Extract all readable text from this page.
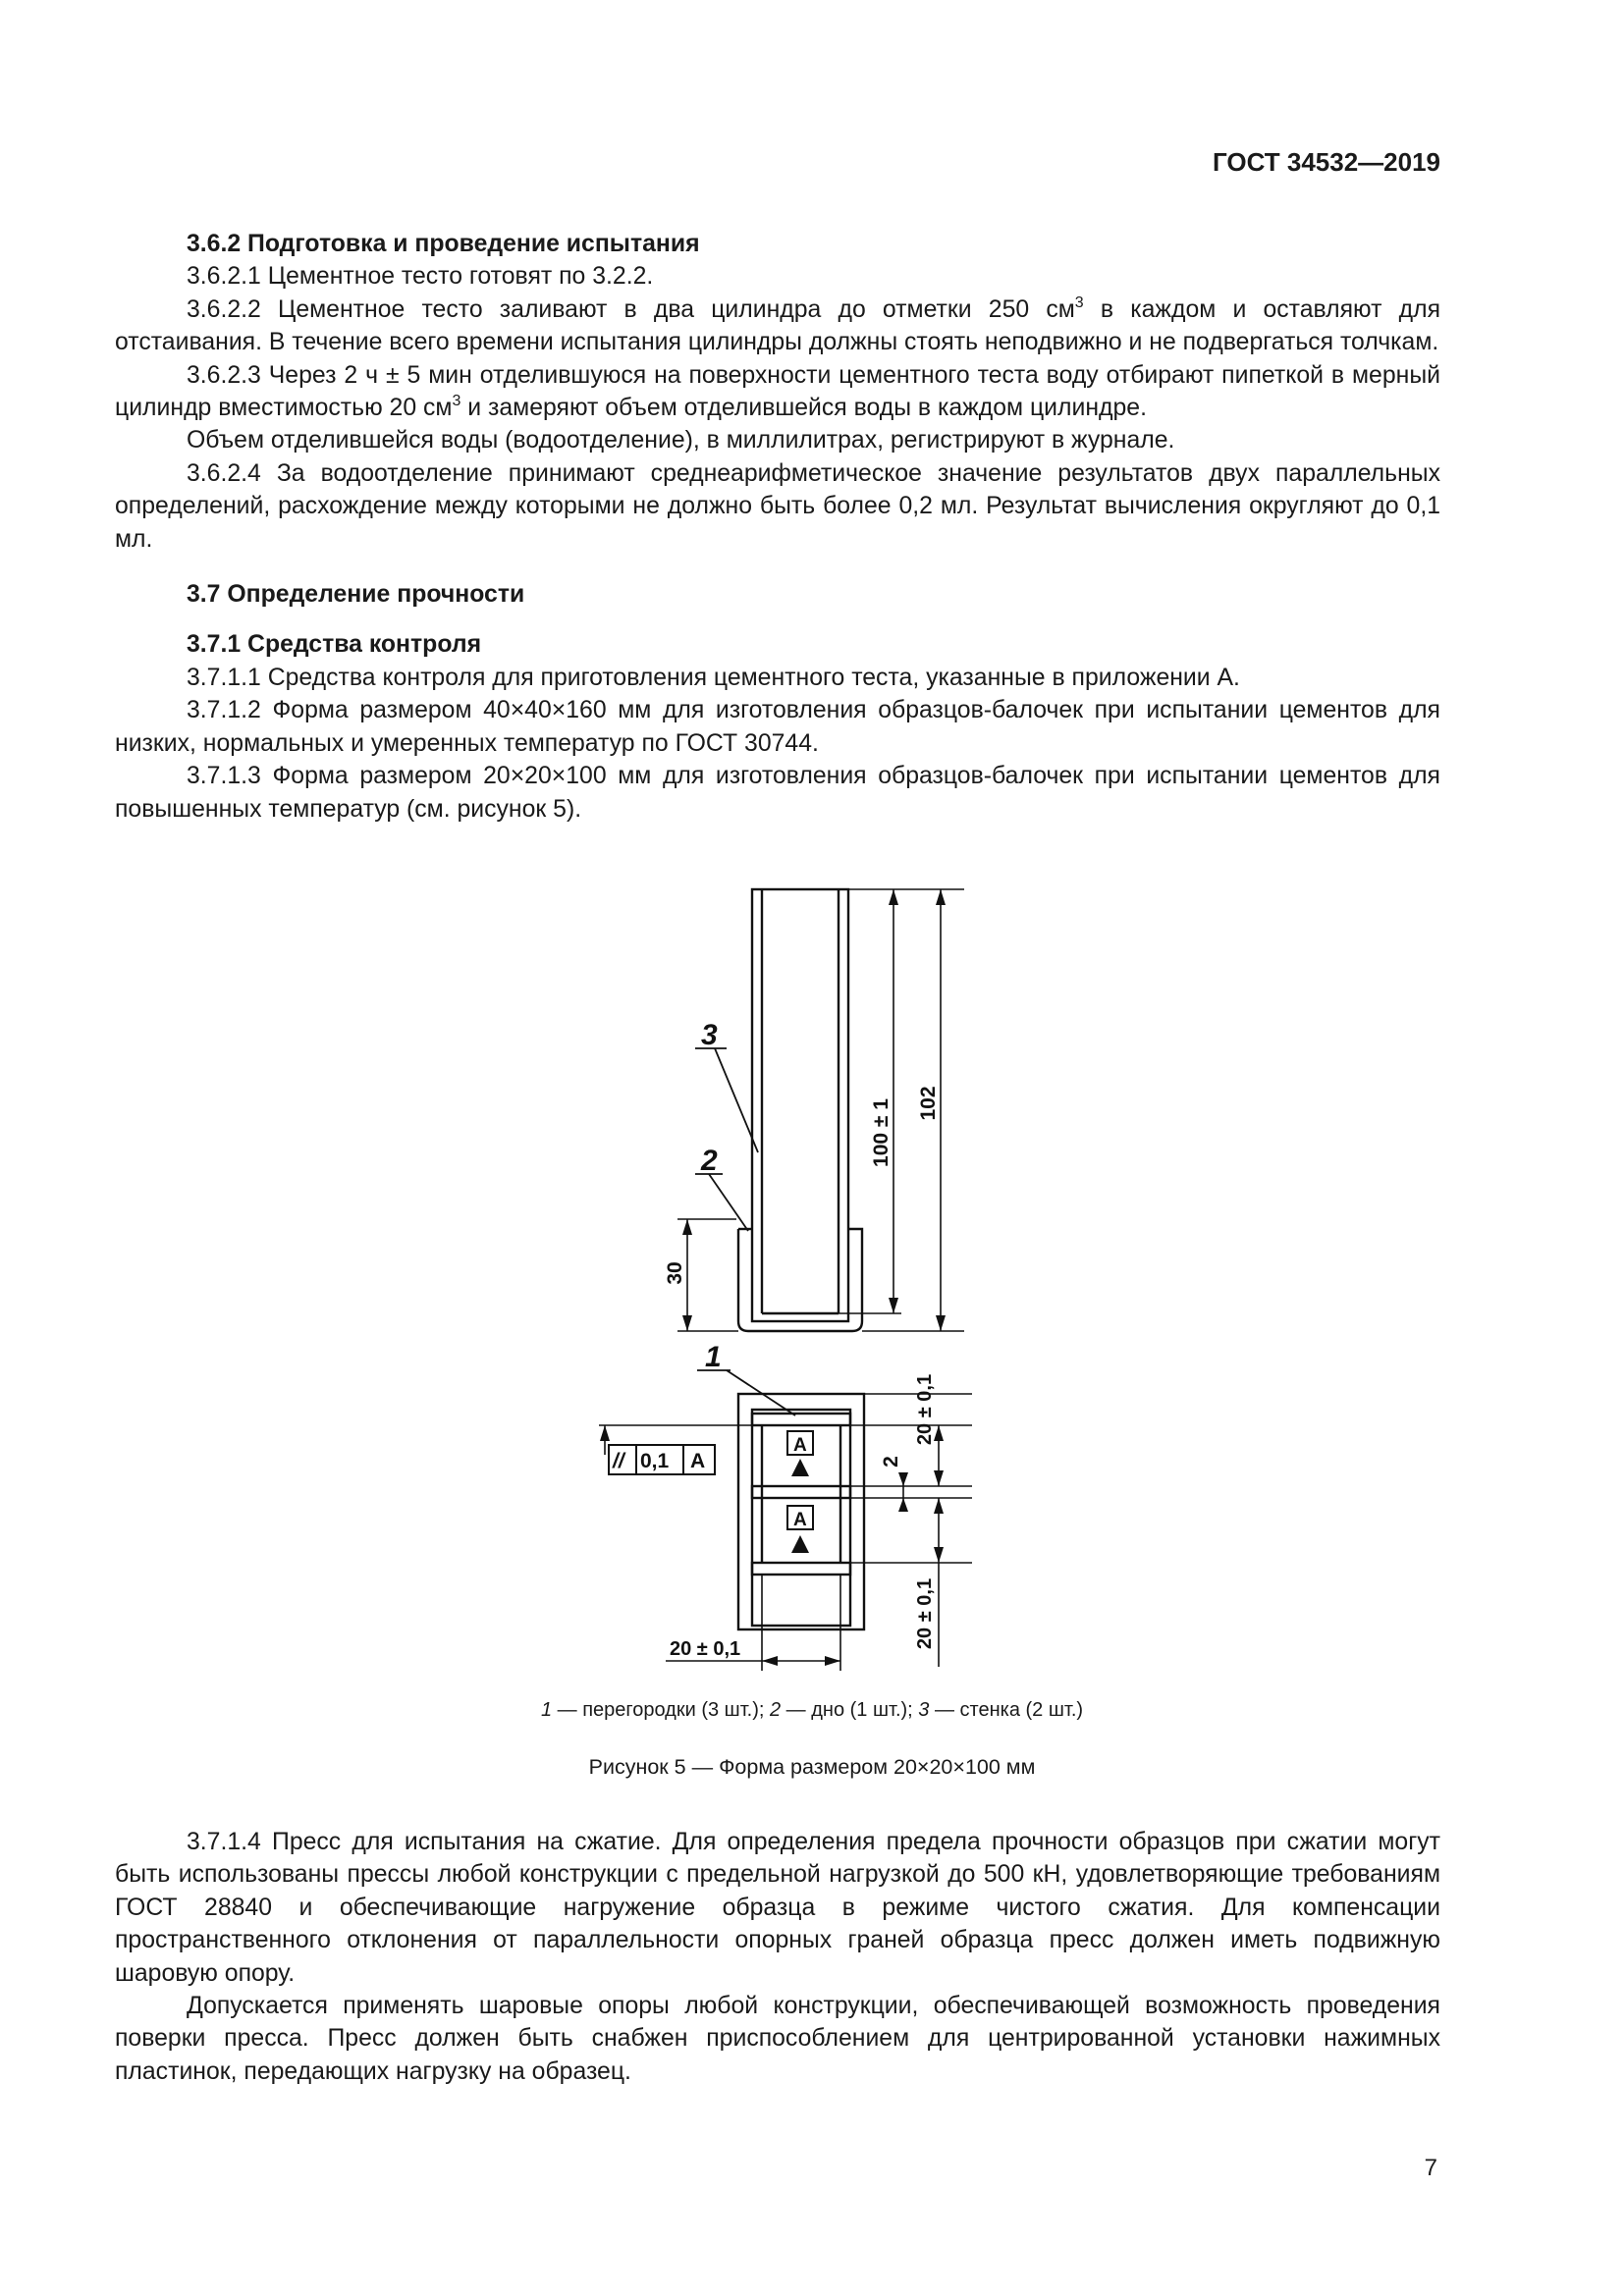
ГОСТ 34532—2019

3.6.2 Подготовка и проведение испытания

3.6.2.1 Цементное тесто готовят по 3.2.2.

3.6.2.2 Цементное тесто заливают в два цилиндра до отметки 250 $см^3$ в каждом и оставляют для отстаивания. В течение всего времени испытания цилиндры должны стоять неподвижно и не подвергаться толчкам.

3.6.2.3 Через 2 ч ± 5 мин отделившуюся на поверхности цементного теста воду отбирают пипеткой в мерный цилиндр вместимостью 20 $см^3$ и замеряют объем отделившейся воды в каждом цилиндре.

Объем отделившейся воды (водоотделение), в миллилитрах, регистрируют в журнале.

3.6.2.4 За водоотделение принимают среднеарифметическое значение результатов двух параллельных определений, расхождение между которыми не должно быть более 0,2 мл. Результат вычисления округляют до 0,1 мл.

3.7 Определение прочности

3.7.1 Средства контроля

3.7.1.1 Средства контроля для приготовления цементного теста, указанные в приложении А.

3.7.1.2 Форма размером 40×40×160 мм для изготовления образцов-балочек при испытании цементов для низких, нормальных и умеренных температур по ГОСТ 30744.

3.7.1.3 Форма размером 20×20×100 мм для изготовления образцов-балочек при испытании цементов для повышенных температур (см. рисунок 5).

3
2
1
100 ± 1 102
30
20 ± 0,1
2
20 ± 0,1
20 ± 0,1
// 0,1 А
А
А
1 — перегородки (3 шт.); 2 — дно (1 шт.); 3 — стенка (2 шт.)
Рисунок 5 — Форма размером 20×20×100 мм

3.7.1.4 Пресс для испытания на сжатие. Для определения предела прочности образцов при сжатии могут быть использованы прессы любой конструкции с предельной нагрузкой до 500 кН, удовлетворяющие требованиям ГОСТ 28840 и обеспечивающие нагружение образца в режиме чистого сжатия. Для компенсации пространственного отклонения от параллельности опорных граней образца пресс должен иметь подвижную шаровую опору.

Допускается применять шаровые опоры любой конструкции, обеспечивающей возможность проведения поверки пресса. Пресс должен быть снабжен приспособлением для центрированной установки нажимных пластинок, передающих нагрузку на образец.

7
